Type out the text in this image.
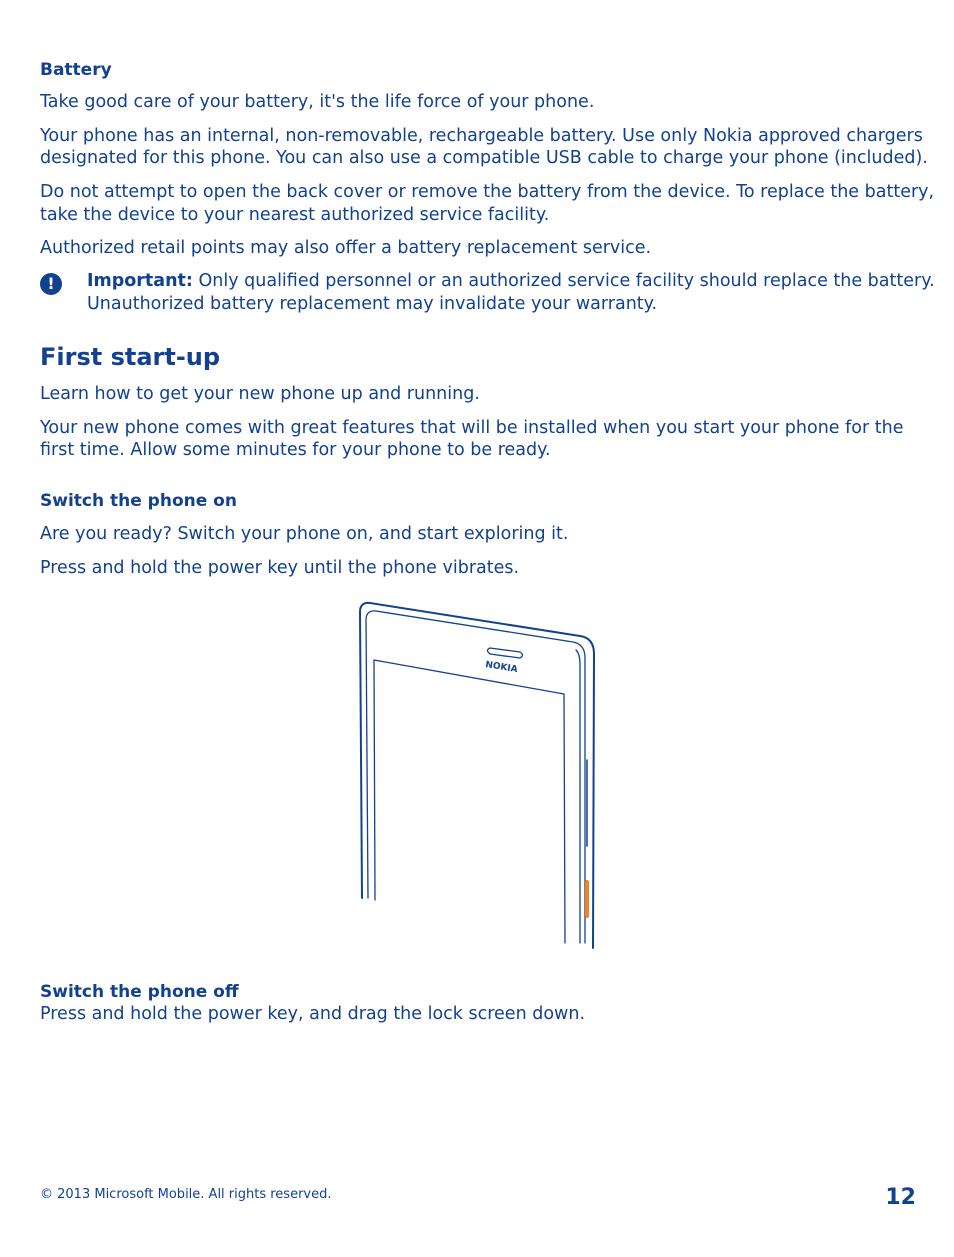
Battery

Take good care of your battery, it's the life force of your phone.

Your phone has an internal, non-removable, rechargeable battery. Use only Nokia approved chargers

designated for this phone. You can also use a compatible USB cable to charge your phone (included).

Do not attempt to open the back cover or remove the battery from the device. To replace the battery,

take the device to your nearest authorized service facility.

Authorized retail points may also offer a battery replacement service.

!	Important: Only qualified personnel or an authorized service facility should replace the battery.
Unauthorized battery replacement may invalidate your warranty.
First start-up

Learn how to get your new phone up and running.

Your new phone comes with great features that will be installed when you start your phone for the

first time. Allow some minutes for your phone to be ready.

Switch the phone on

Are you ready? Switch your phone on, and start exploring it.

Press and hold the power key until the phone vibrates.

NOKIA
Switch the phone off

Press and hold the power key, and drag the lock screen down.

© 2013 Microsoft Mobile. All rights reserved.	12
